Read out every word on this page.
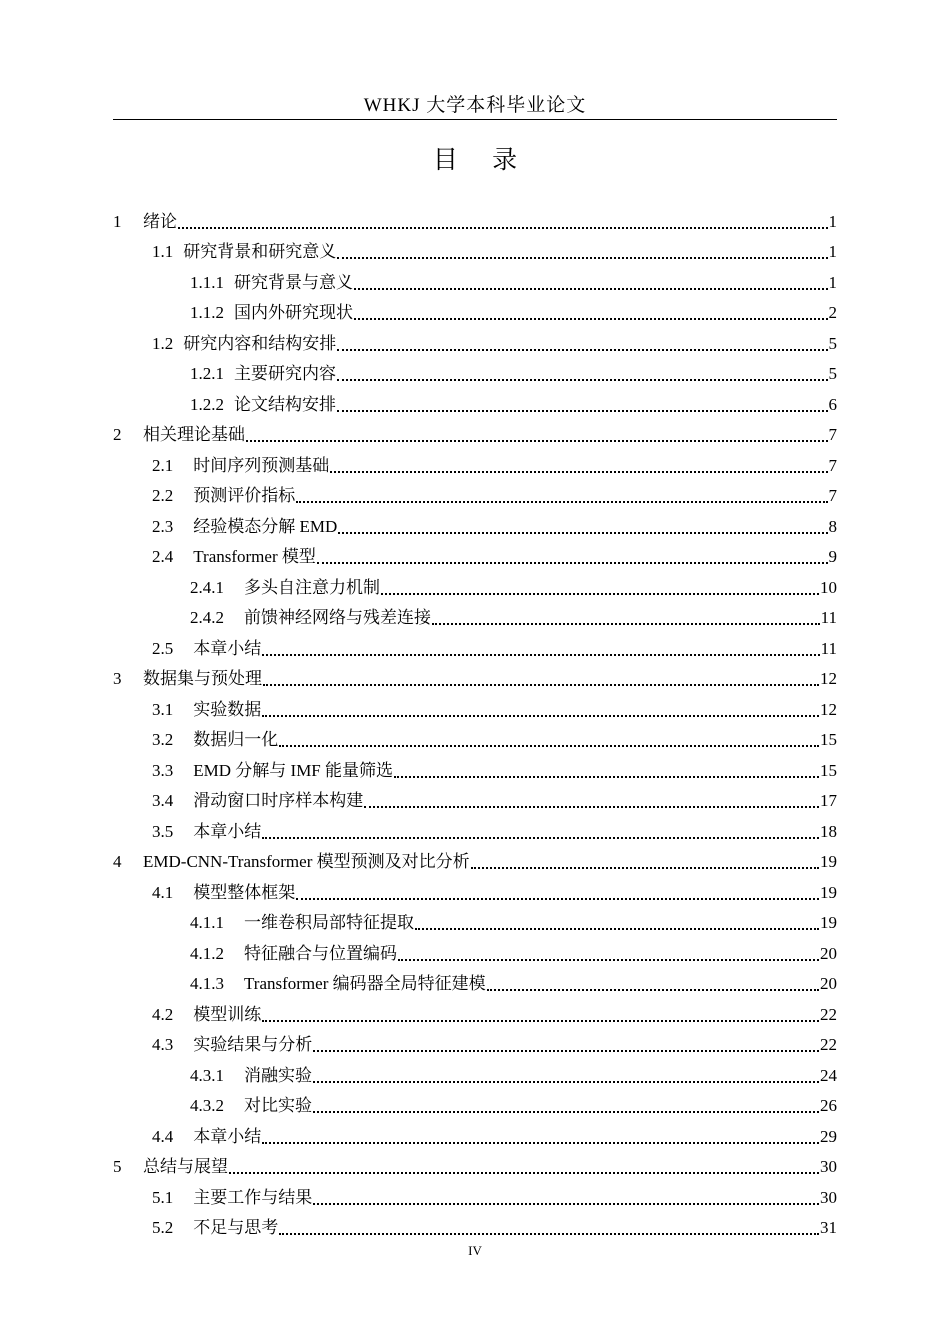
WHKJ 大学本科毕业论文
目 录
1	绪论	1
1.1 研究背景和研究意义	1
1.1.1 研究背景与意义	1
1.1.2 国内外研究现状	2
1.2 研究内容和结构安排	5
1.2.1 主要研究内容	5
1.2.2 论文结构安排	6
2	相关理论基础	7
2.1 时间序列预测基础	7
2.2 预测评价指标	7
2.3 经验模态分解 EMD	8
2.4 Transformer 模型	9
2.4.1 多头自注意力机制	10
2.4.2 前馈神经网络与残差连接	11
2.5 本章小结	11
3	数据集与预处理	12
3.1 实验数据	12
3.2 数据归一化	15
3.3 EMD 分解与 IMF 能量筛选	15
3.4 滑动窗口时序样本构建	17
3.5 本章小结	18
4	EMD-CNN-Transformer 模型预测及对比分析	19
4.1 模型整体框架	19
4.1.1 一维卷积局部特征提取	19
4.1.2 特征融合与位置编码	20
4.1.3 Transformer 编码器全局特征建模	20
4.2 模型训练	22
4.3 实验结果与分析	22
4.3.1 消融实验	24
4.3.2 对比实验	26
4.4 本章小结	29
5	总结与展望	30
5.1 主要工作与结果	30
5.2 不足与思考	31
IV
